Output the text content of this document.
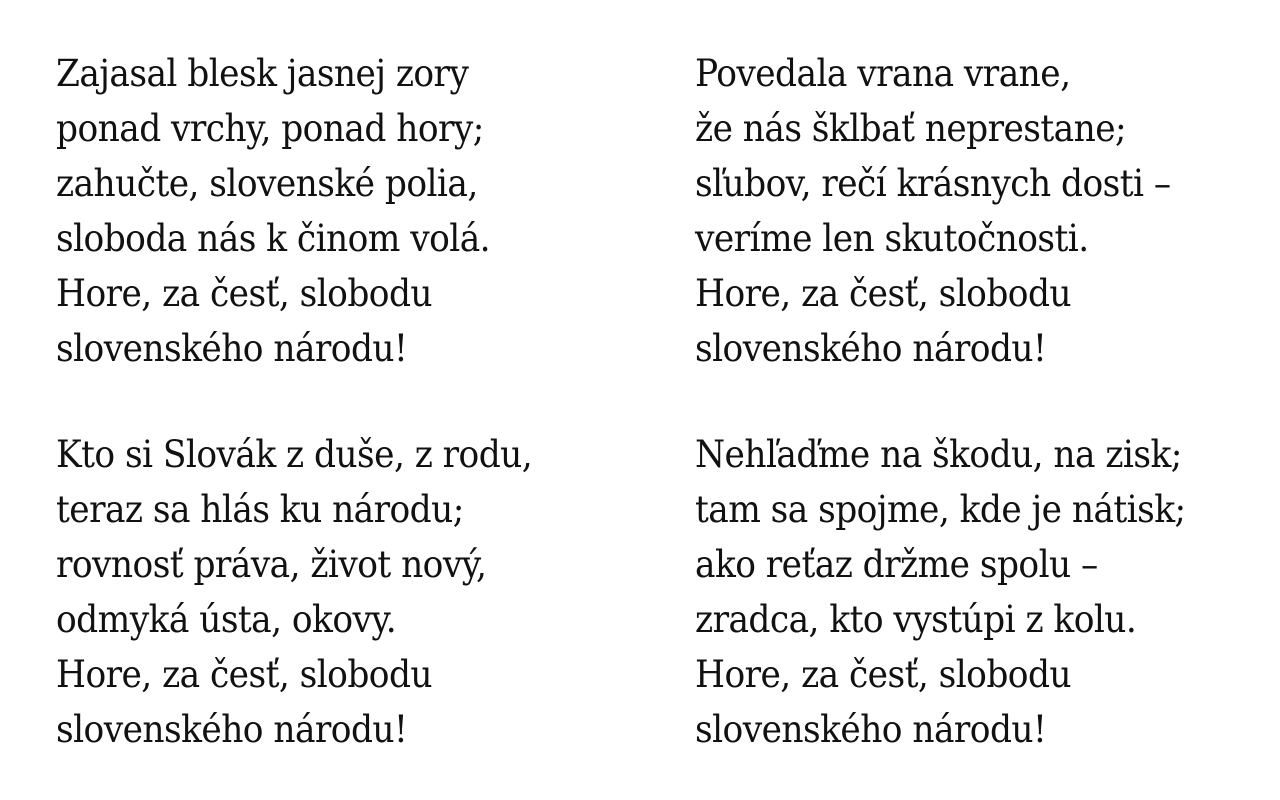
Zajasal blesk jasnej zory
ponad vrchy, ponad hory;
zahučte, slovenské polia,
sloboda nás k činom volá.
Hore, za česť, slobodu
slovenského národu!
Povedala vrana vrane,
že nás šklbať neprestane;
sľubov, rečí krásnych dosti –
veríme len skutočnosti.
Hore, za česť, slobodu
slovenského národu!
Kto si Slovák z duše, z rodu,
teraz sa hlás ku národu;
rovnosť práva, život nový,
odmyká ústa, okovy.
Hore, za česť, slobodu
slovenského národu!
Nehľaďme na škodu, na zisk;
tam sa spojme, kde je nátisk;
ako reťaz držme spolu –
zradca, kto vystúpi z kolu.
Hore, za česť, slobodu
slovenského národu!
